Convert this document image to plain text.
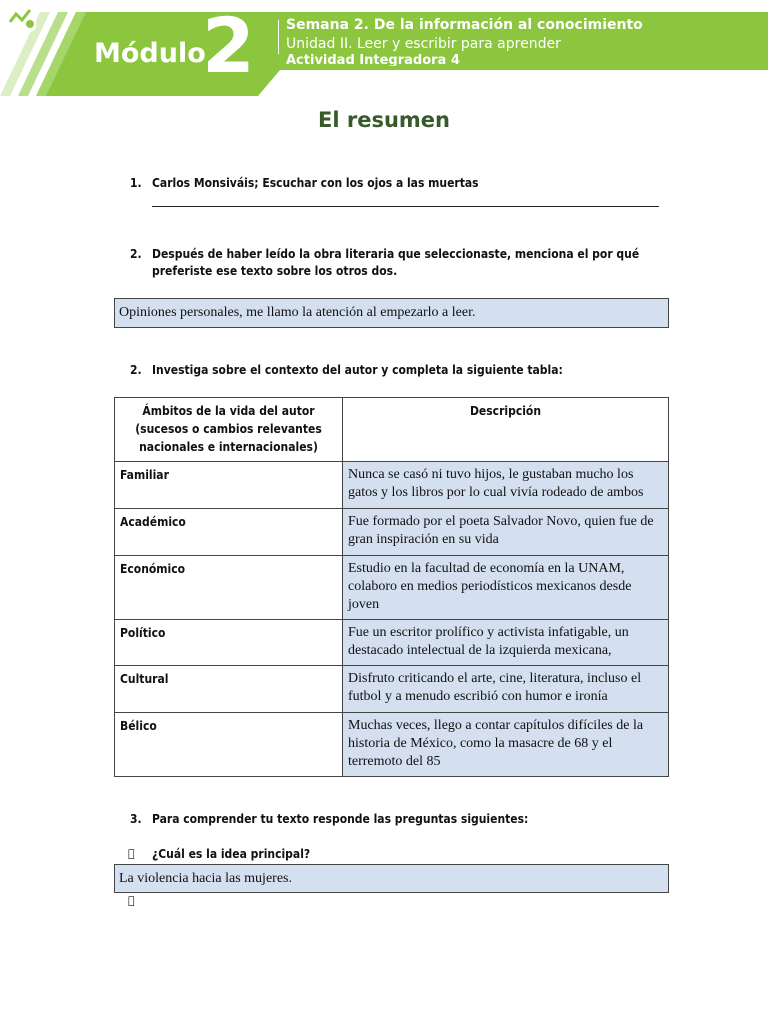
Módulo
2 Semana 2. De la información al conocimiento
Unidad II. Leer y escribir para aprender
Actividad Integradora 4
El resumen
1. Carlos Monsiváis; Escuchar con los ojos a las muertas
2. Después de haber leído la obra literaria que seleccionaste, menciona el por qué preferiste ese texto sobre los otros dos.
Opiniones personales, me llamo la atención al empezarlo a leer.
2. Investiga sobre el contexto del autor y completa la siguiente tabla:
Ámbitos de la vida del autor (sucesos o cambios relevantes nacionales e internacionales)	Descripción
Familiar	Nunca se casó ni tuvo hijos, le gustaban mucho los gatos y los libros por lo cual vivía rodeado de ambos
Académico	Fue formado por el poeta Salvador Novo, quien fue de gran inspiración en su vida
Económico	Estudio en la facultad de economía en la UNAM, colaboro en medios periodísticos mexicanos desde joven
Político	Fue un escritor prolífico y activista infatigable, un destacado intelectual de la izquierda mexicana,
Cultural	Disfruto criticando el arte, cine, literatura, incluso el futbol y a menudo escribió con humor e ironía
Bélico	Muchas veces, llego a contar capítulos difíciles de la historia de México, como la masacre de 68 y el terremoto del 85
3. Para comprender tu texto responde las preguntas siguientes:
¿Cuál es la idea principal?
La violencia hacia las mujeres.
